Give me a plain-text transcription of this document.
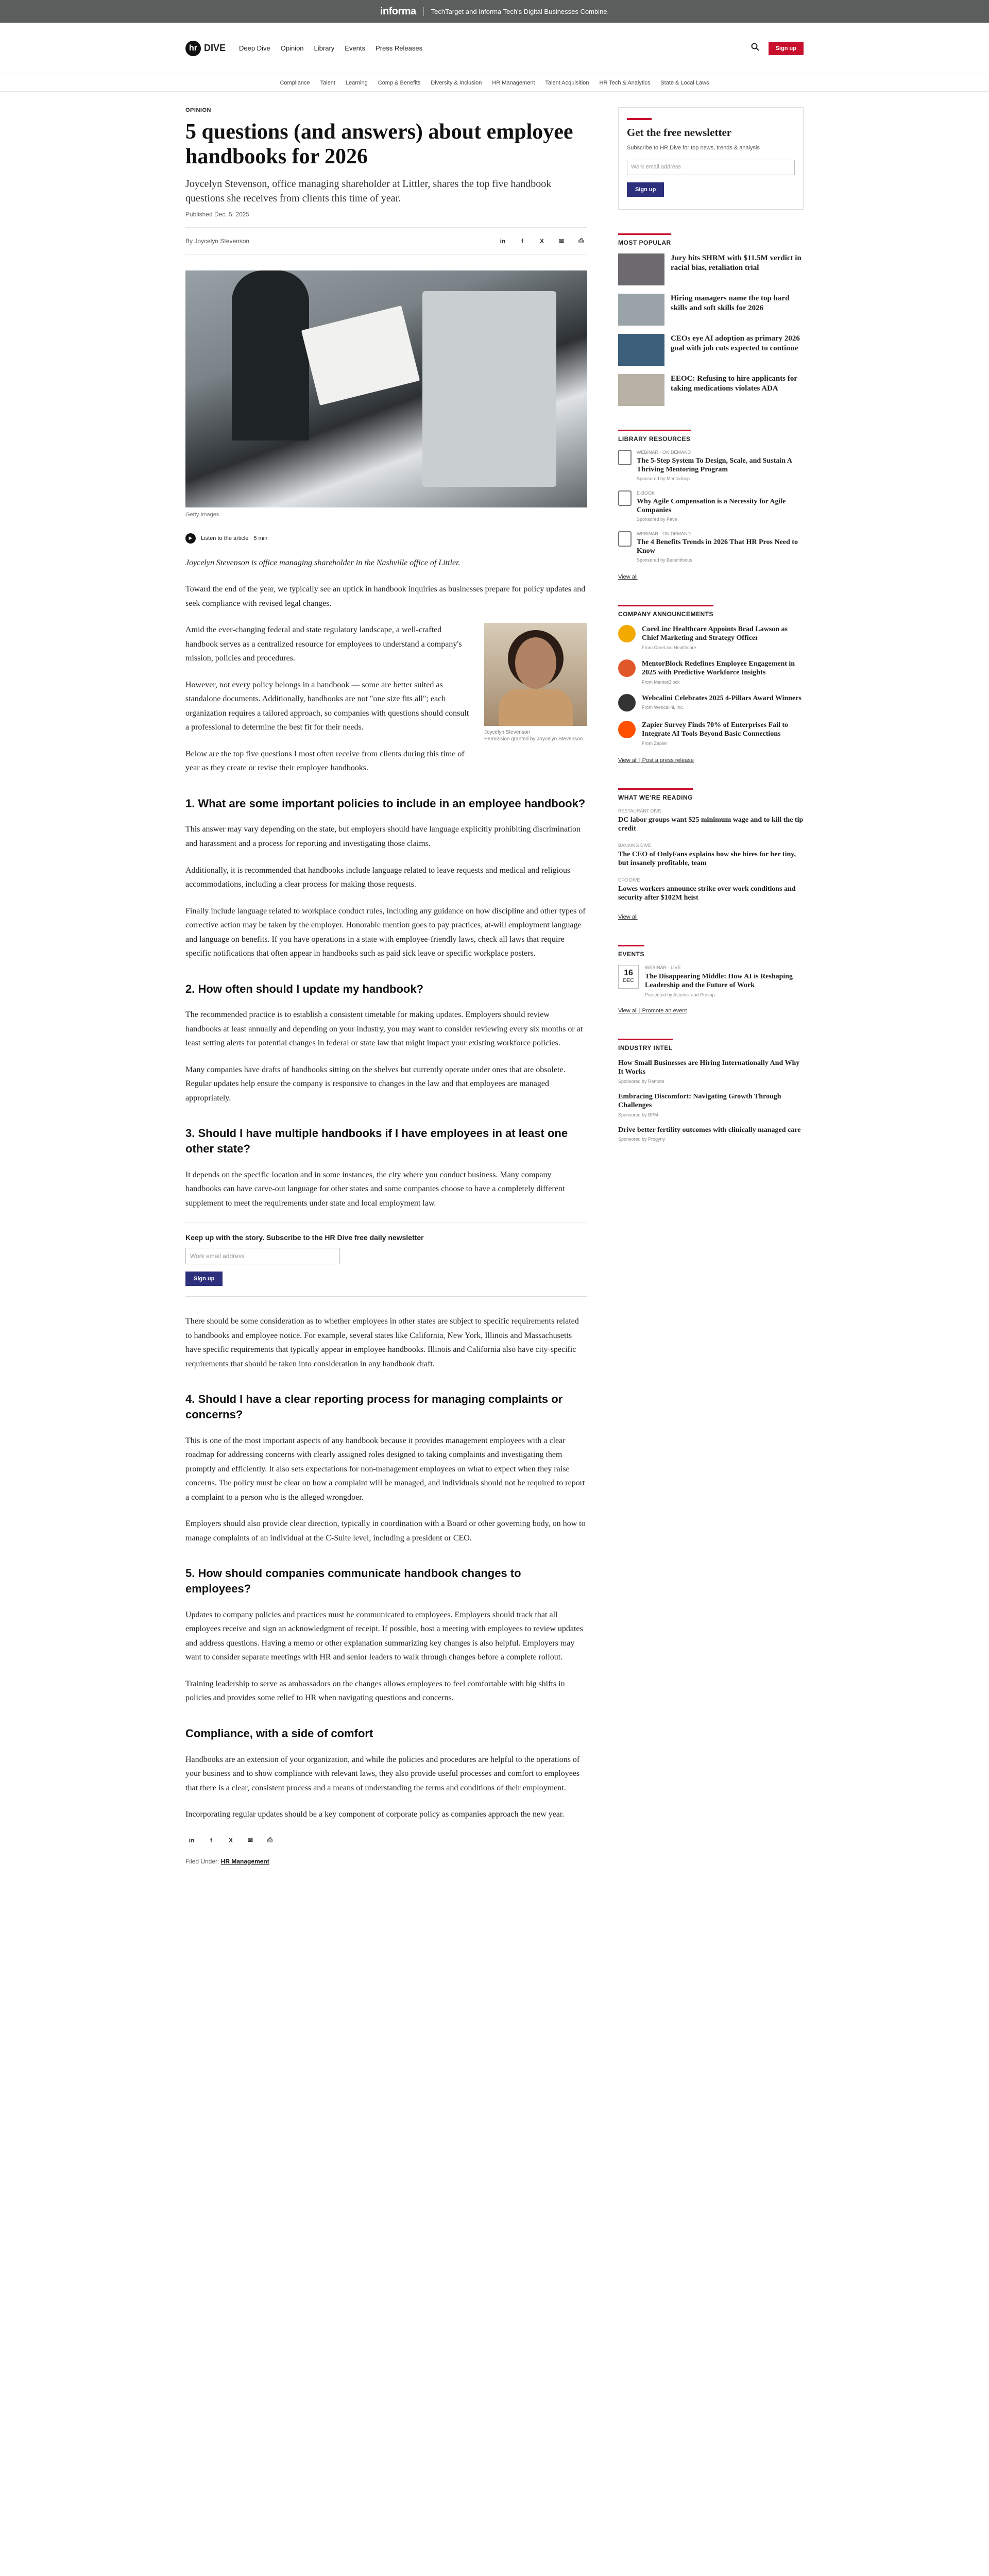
informa TechTarget and Informa Tech's Digital Businesses Combine.
hr DIVE Deep Dive Opinion Library Events Press Releases	Sign up
Compliance Talent Learning Comp & Benefits Diversity & Inclusion HR Management Talent Acquisition HR Tech & Analytics State & Local Laws
OPINION
5 questions (and answers) about employee handbooks for 2026
Joycelyn Stevenson, office managing shareholder at Littler, shares the top five handbook questions she receives from clients this time of year.
Published Dec. 5, 2025
By Joycelyn Stevenson	in	f	X	✉	⎙
Getty Images
▶	Listen to the article 5 min

Joycelyn Stevenson is office managing shareholder in the Nashville office of Littler.

Toward the end of the year, we typically see an uptick in handbook inquiries as businesses prepare for policy updates and seek compliance with revised legal changes.

Joycelyn Stevenson
Permission granted by Joycelyn Stevenson

Amid the ever-changing federal and state regulatory landscape, a well-crafted handbook serves as a centralized resource for employees to understand a company's mission, policies and procedures.

However, not every policy belongs in a handbook — some are better suited as standalone documents. Additionally, handbooks are not "one size fits all"; each organization requires a tailored approach, so companies with questions should consult a professional to determine the best fit for their needs.

Below are the top five questions I most often receive from clients during this time of year as they create or revise their employee handbooks.

1. What are some important policies to include in an employee handbook?

This answer may vary depending on the state, but employers should have language explicitly prohibiting discrimination and harassment and a process for reporting and investigating those claims.

Additionally, it is recommended that handbooks include language related to leave requests and medical and religious accommodations, including a clear process for making those requests.

Finally include language related to workplace conduct rules, including any guidance on how discipline and other types of corrective action may be taken by the employer. Honorable mention goes to pay practices, at-will employment language and language on benefits. If you have operations in a state with employee-friendly laws, check all laws that require specific notifications that often appear in handbooks such as paid sick leave or specific workplace posters.

2. How often should I update my handbook?

The recommended practice is to establish a consistent timetable for making updates. Employers should review handbooks at least annually and depending on your industry, you may want to consider reviewing every six months or at least setting alerts for potential changes in federal or state law that might impact your existing workforce policies.

Many companies have drafts of handbooks sitting on the shelves but currently operate under ones that are obsolete. Regular updates help ensure the company is responsive to changes in the law and that employees are managed appropriately.

3. Should I have multiple handbooks if I have employees in at least one other state?

It depends on the specific location and in some instances, the city where you conduct business. Many company handbooks can have carve-out language for other states and some companies choose to have a completely different supplement to meet the requirements under state and local employment law.

Keep up with the story. Subscribe to the HR Dive free daily newsletter
Work email address
Sign up

There should be some consideration as to whether employees in other states are subject to specific requirements related to handbooks and employee notice. For example, several states like California, New York, Illinois and Massachusetts have specific requirements that typically appear in employee handbooks. Illinois and California also have city-specific requirements that should be taken into consideration in any handbook draft.

4. Should I have a clear reporting process for managing complaints or concerns?

This is one of the most important aspects of any handbook because it provides management employees with a clear roadmap for addressing concerns with clearly assigned roles designed to taking complaints and investigating them promptly and efficiently. It also sets expectations for non-management employees on what to expect when they raise concerns. The policy must be clear on how a complaint will be managed, and individuals should not be required to report a complaint to a person who is the alleged wrongdoer.

Employers should also provide clear direction, typically in coordination with a Board or other governing body, on how to manage complaints of an individual at the C-Suite level, including a president or CEO.

5. How should companies communicate handbook changes to employees?

Updates to company policies and practices must be communicated to employees. Employers should track that all employees receive and sign an acknowledgment of receipt. If possible, host a meeting with employees to review updates and address questions. Having a memo or other explanation summarizing key changes is also helpful. Employers may want to consider separate meetings with HR and senior leaders to walk through changes before a complete rollout.

Training leadership to serve as ambassadors on the changes allows employees to feel comfortable with big shifts in policies and provides some relief to HR when navigating questions and concerns.

Compliance, with a side of comfort

Handbooks are an extension of your organization, and while the policies and procedures are helpful to the operations of your business and to show compliance with relevant laws, they also provide useful processes and comfort to employees that there is a clear, consistent process and a means of understanding the terms and conditions of their employment.

Incorporating regular updates should be a key component of corporate policy as companies approach the new year.

in	f	X	✉	⎙
Filed Under: HR Management
Get the free newsletter
Subscribe to HR Dive for top news, trends & analysis
Work email address
Sign up
MOST POPULAR
Jury hits SHRM with $11.5M verdict in racial bias, retaliation trial
Hiring managers name the top hard skills and soft skills for 2026
CEOs eye AI adoption as primary 2026 goal with job cuts expected to continue
EEOC: Refusing to hire applicants for taking medications violates ADA
LIBRARY RESOURCES
WEBINAR · ON DEMAND
The 5-Step System To Design, Scale, and Sustain A Thriving Mentoring Program
Sponsored by Mentorloop
E-BOOK
Why Agile Compensation is a Necessity for Agile Companies
Sponsored by Pave
WEBINAR · ON DEMAND
The 4 Benefits Trends in 2026 That HR Pros Need to Know
Sponsored by Benefitfocus
View all
COMPANY ANNOUNCEMENTS
CoreLinc Healthcare Appoints Brad Lawson as Chief Marketing and Strategy Officer
From CoreLinc Healthcare
MentorBlock Redefines Employee Engagement in 2025 with Predictive Workforce Insights
From MentorBlock
Webcalini Celebrates 2025 4-Pillars Award Winners
From Webcalini, Inc.
Zapier Survey Finds 70% of Enterprises Fail to Integrate AI Tools Beyond Basic Connections
From Zapier
View all | Post a press release
WHAT WE'RE READING
RESTAURANT DIVE
DC labor groups want $25 minimum wage and to kill the tip credit
BANKING DIVE
The CEO of OnlyFans explains how she hires for her tiny, but insanely profitable, team
CFO DIVE
Lowes workers announce strike over work conditions and security after $102M heist
View all
EVENTS
16
DEC
WEBINAR · LIVE
The Disappearing Middle: How AI is Reshaping Leadership and the Future of Work
Presented by Asterisk and Prosap
View all | Promote an event
INDUSTRY INTEL
How Small Businesses are Hiring Internationally And Why It Works
Sponsored by Remote
Embracing Discomfort: Navigating Growth Through Challenges
Sponsored by BPM
Drive better fertility outcomes with clinically managed care
Sponsored by Progyny
